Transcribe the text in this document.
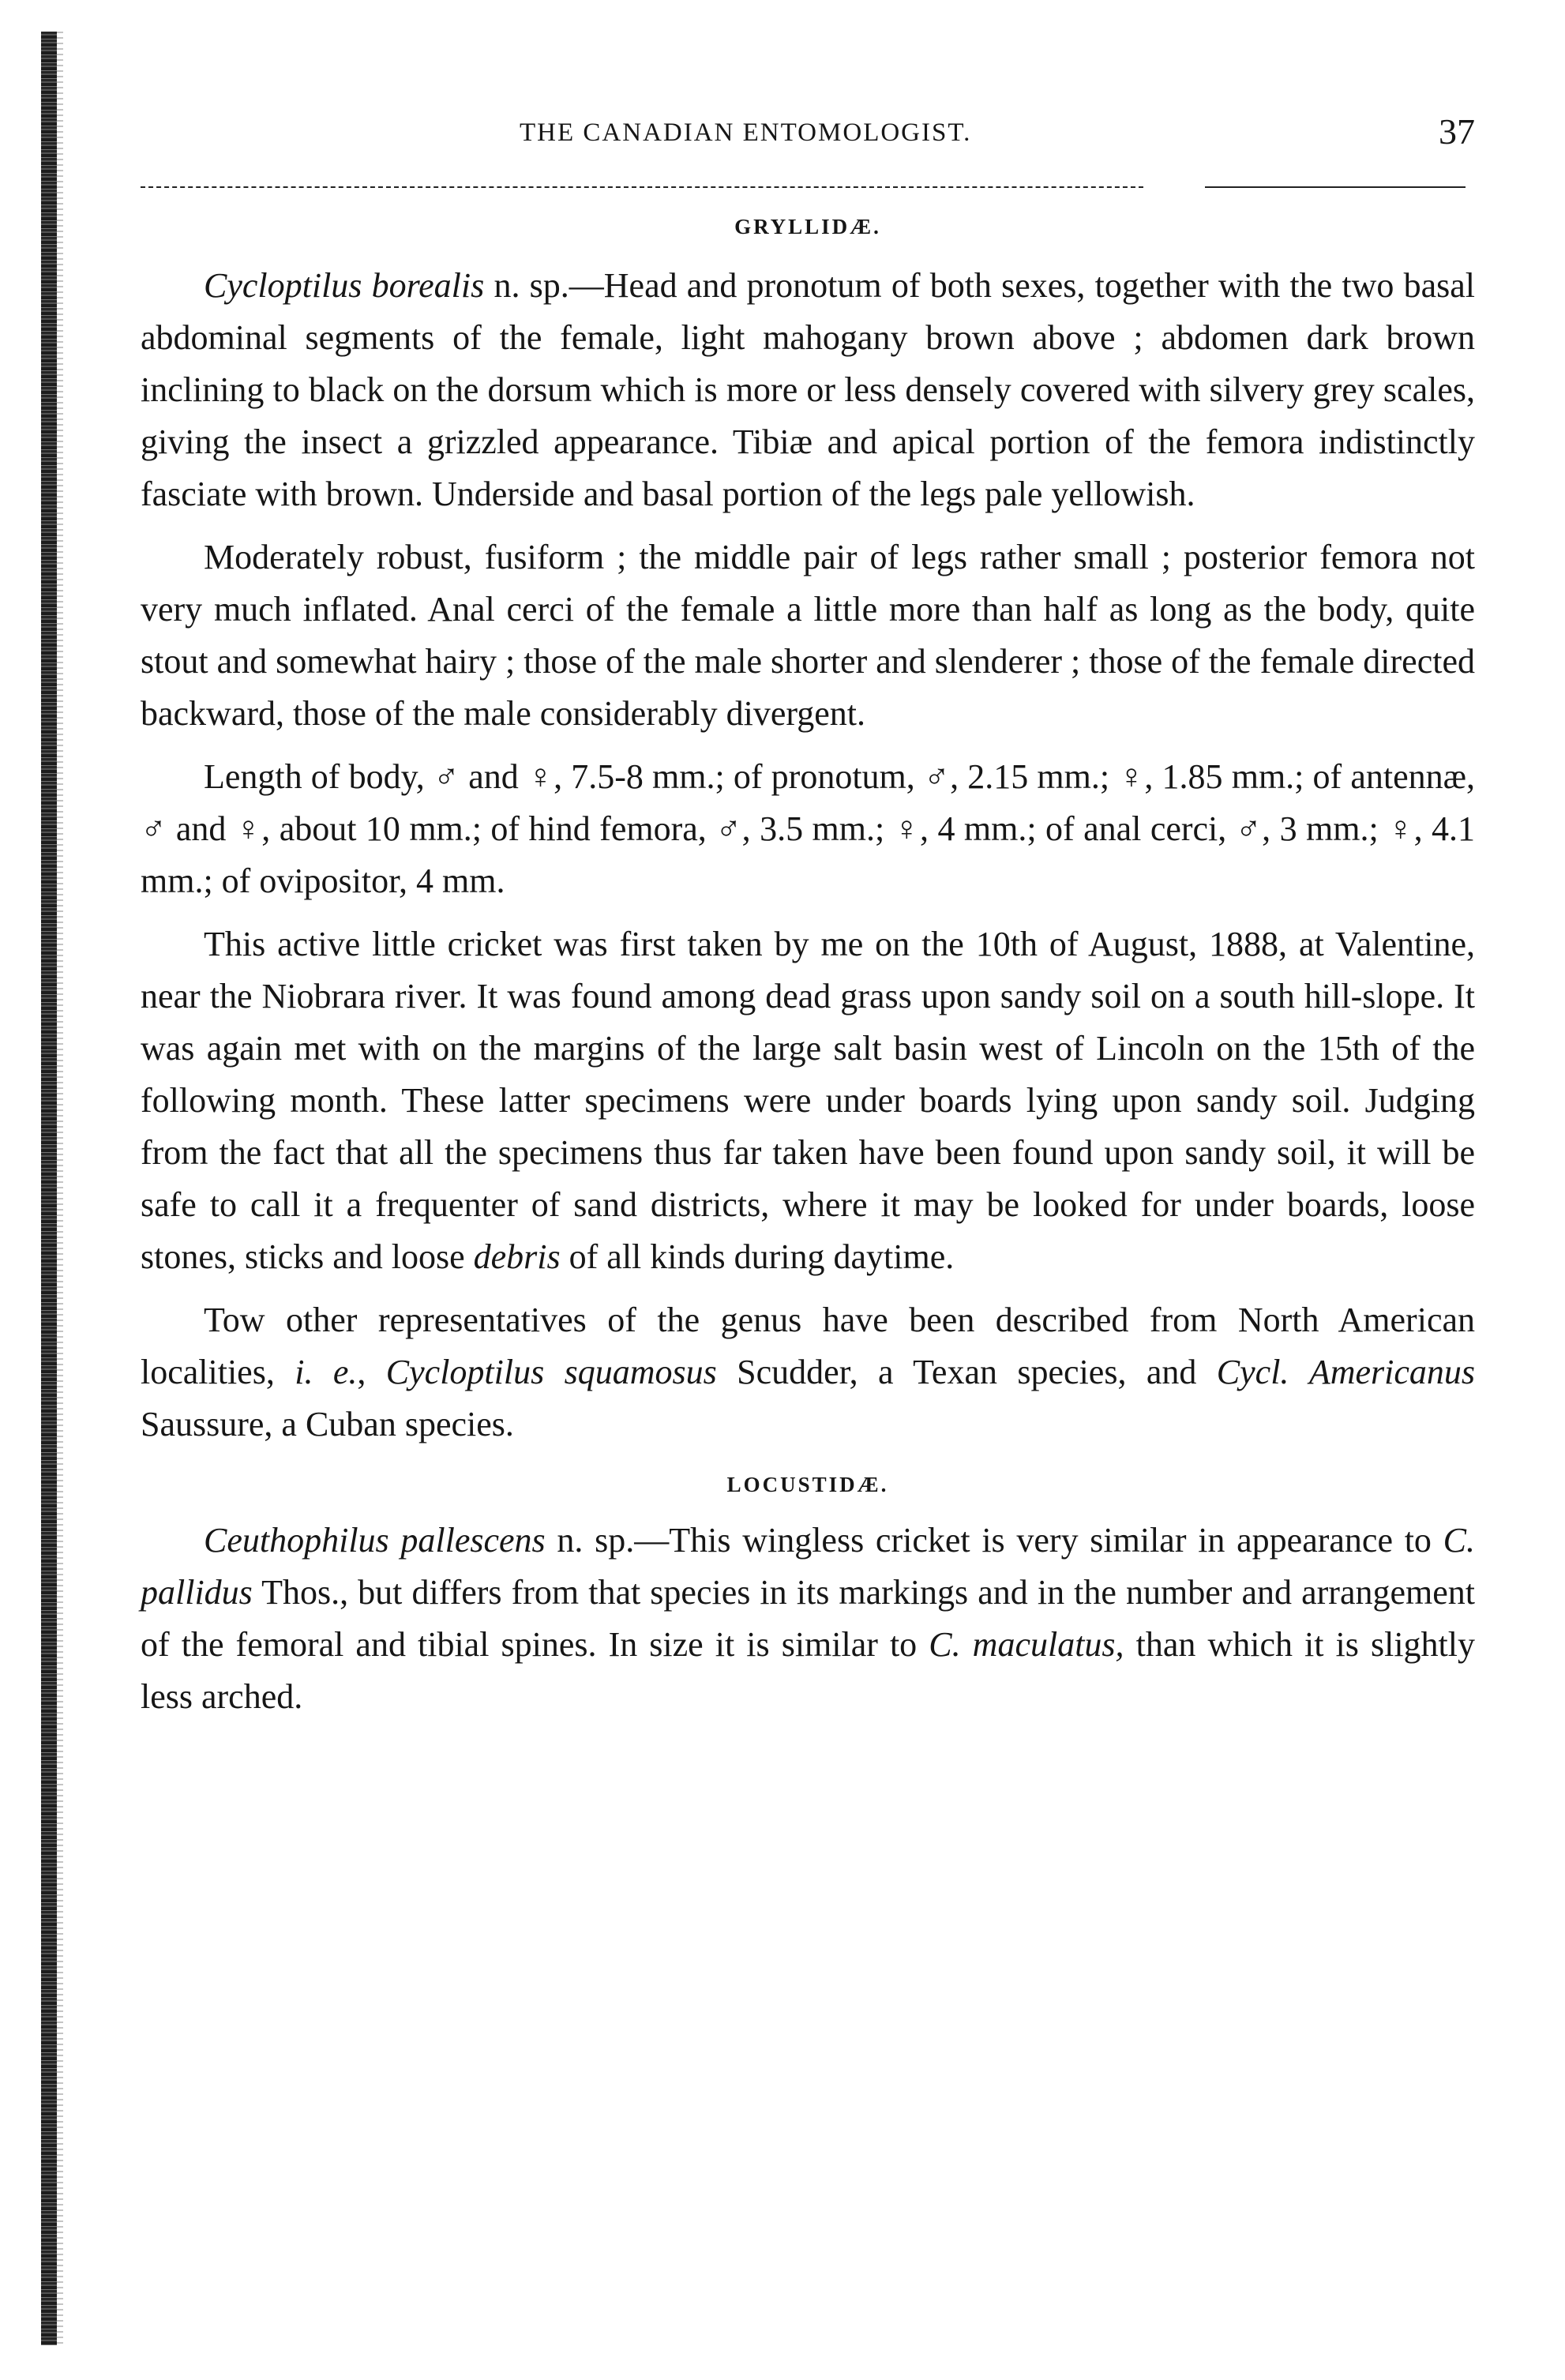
THE CANADIAN ENTOMOLOGIST.	37
GRYLLIDÆ.

Cycloptilus borealis n. sp.—Head and pronotum of both sexes, together with the two basal abdominal segments of the female, light mahogany brown above ; abdomen dark brown inclining to black on the dorsum which is more or less densely covered with silvery grey scales, giving the insect a grizzled appearance. Tibiæ and apical portion of the femora indistinctly fasciate with brown. Underside and basal portion of the legs pale yellowish.

Moderately robust, fusiform ; the middle pair of legs rather small ; posterior femora not very much inflated. Anal cerci of the female a little more than half as long as the body, quite stout and somewhat hairy ; those of the male shorter and slenderer ; those of the female directed backward, those of the male considerably divergent.

Length of body, ♂ and ♀, 7.5-8 mm.; of pronotum, ♂, 2.15 mm.; ♀, 1.85 mm.; of antennæ, ♂ and ♀, about 10 mm.; of hind femora, ♂, 3.5 mm.; ♀, 4 mm.; of anal cerci, ♂, 3 mm.; ♀, 4.1 mm.; of ovipositor, 4 mm.

This active little cricket was first taken by me on the 10th of August, 1888, at Valentine, near the Niobrara river. It was found among dead grass upon sandy soil on a south hill-slope. It was again met with on the margins of the large salt basin west of Lincoln on the 15th of the following month. These latter specimens were under boards lying upon sandy soil. Judging from the fact that all the specimens thus far taken have been found upon sandy soil, it will be safe to call it a frequenter of sand districts, where it may be looked for under boards, loose stones, sticks and loose debris of all kinds during daytime.

Tow other representatives of the genus have been described from North American localities, i. e., Cycloptilus squamosus Scudder, a Texan species, and Cycl. Americanus Saussure, a Cuban species.

LOCUSTIDÆ.

Ceuthophilus pallescens n. sp.—This wingless cricket is very similar in appearance to C. pallidus Thos., but differs from that species in its markings and in the number and arrangement of the femoral and tibial spines. In size it is similar to C. maculatus, than which it is slightly less arched.
